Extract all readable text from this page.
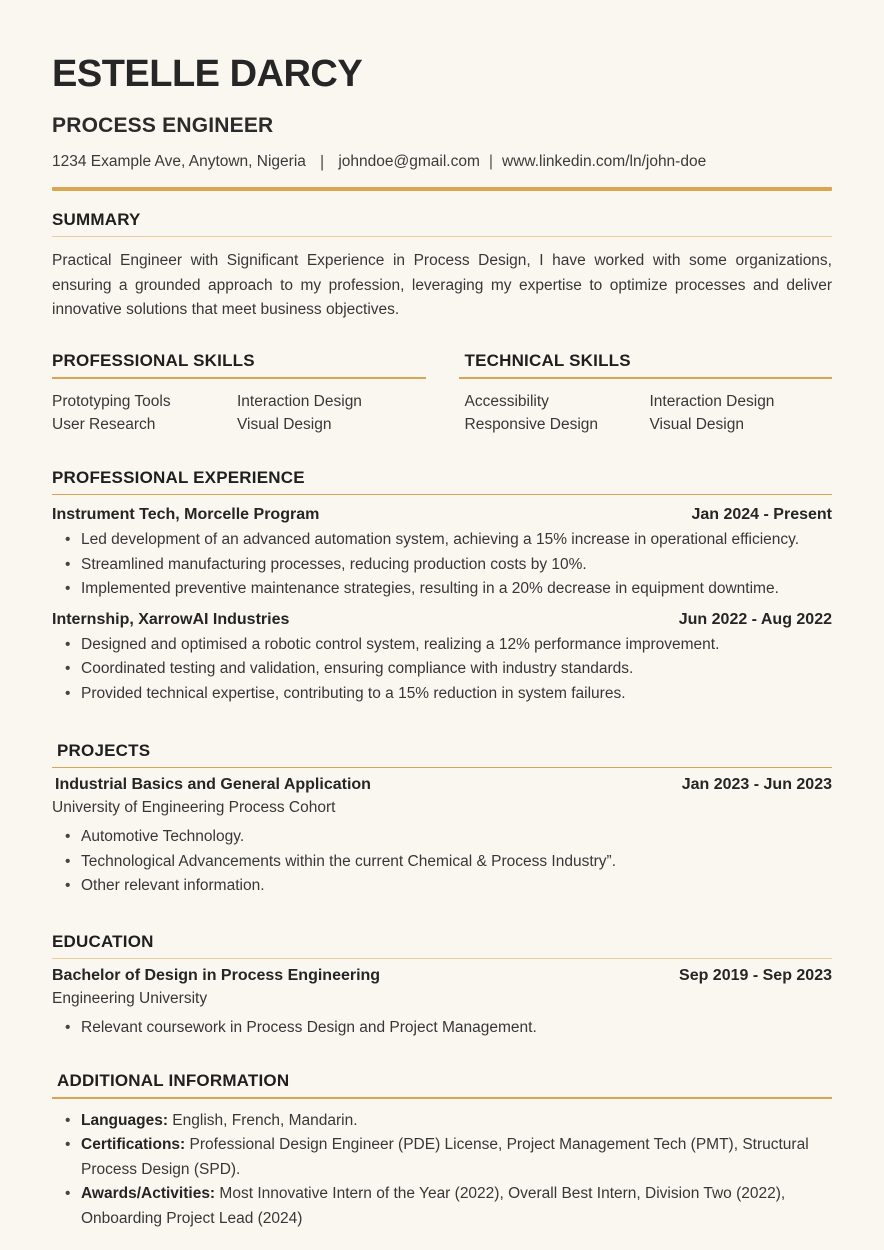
ESTELLE DARCY
PROCESS ENGINEER
1234 Example Ave, Anytown, Nigeria | johndoe@gmail.com | www.linkedin.com/ln/john-doe
SUMMARY

Practical Engineer with Significant Experience in Process Design, I have worked with some organizations, ensuring a grounded approach to my profession, leveraging my expertise to optimize processes and deliver innovative solutions that meet business objectives.

PROFESSIONAL SKILLS
Prototyping Tools
User Research
Interaction Design
Visual Design
TECHNICAL SKILLS
Accessibility
Responsive Design
Interaction Design
Visual Design
PROFESSIONAL EXPERIENCE
Instrument Tech, Morcelle Program	Jan 2024 - Present
• Led development of an advanced automation system, achieving a 15% increase in operational efficiency.
• Streamlined manufacturing processes, reducing production costs by 10%.
• Implemented preventive maintenance strategies, resulting in a 20% decrease in equipment downtime.
Internship, XarrowAI Industries	Jun 2022 - Aug 2022
• Designed and optimised a robotic control system, realizing a 12% performance improvement.
• Coordinated testing and validation, ensuring compliance with industry standards.
• Provided technical expertise, contributing to a 15% reduction in system failures.
PROJECTS
Jan 2023 - Jun 2023
Industrial Basics and General Application
University of Engineering Process Cohort
• Automotive Technology.
• Technological Advancements within the current Chemical & Process Industry”.
• Other relevant information.
EDUCATION
Sep 2019 - Sep 2023
Bachelor of Design in Process Engineering
Engineering University
• Relevant coursework in Process Design and Project Management.
ADDITIONAL INFORMATION
• Languages: English, French, Mandarin.
• Certifications: Professional Design Engineer (PDE) License, Project Management Tech (PMT), Structural Process Design (SPD).
• Awards/Activities: Most Innovative Intern of the Year (2022), Overall Best Intern, Division Two (2022), Onboarding Project Lead (2024)
